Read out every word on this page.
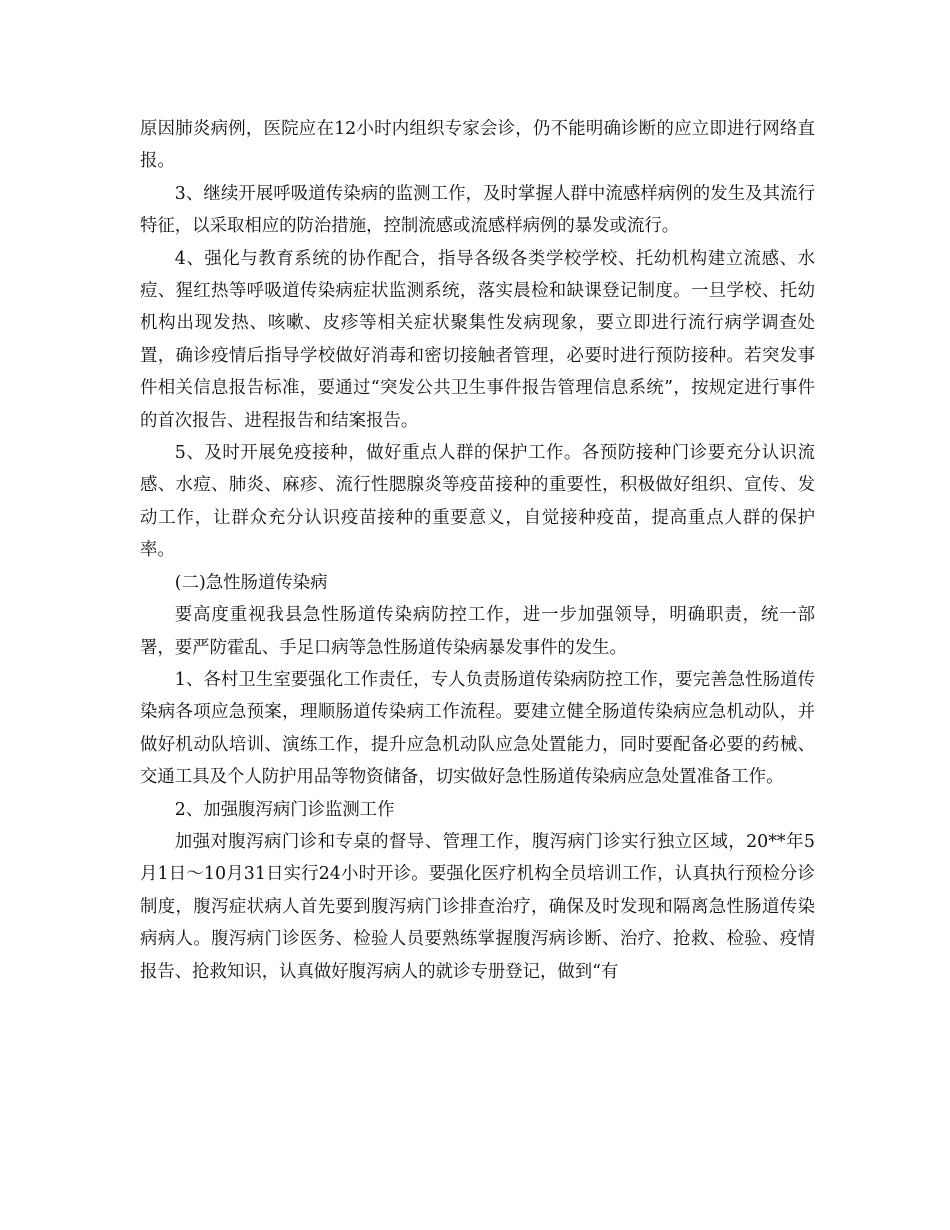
原因肺炎病例，医院应在12小时内组织专家会诊，仍不能明确诊断的应立即进行网络直报。

3、继续开展呼吸道传染病的监测工作，及时掌握人群中流感样病例的发生及其流行特征，以采取相应的防治措施，控制流感或流感样病例的暴发或流行。

4、强化与教育系统的协作配合，指导各级各类学校学校、托幼机构建立流感、水痘、猩红热等呼吸道传染病症状监测系统，落实晨检和缺课登记制度。一旦学校、托幼机构出现发热、咳嗽、皮疹等相关症状聚集性发病现象，要立即进行流行病学调查处置，确诊疫情后指导学校做好消毒和密切接触者管理，必要时进行预防接种。若突发事件相关信息报告标准，要通过“突发公共卫生事件报告管理信息系统”，按规定进行事件的首次报告、进程报告和结案报告。

5、及时开展免疫接种，做好重点人群的保护工作。各预防接种门诊要充分认识流感、水痘、肺炎、麻疹、流行性腮腺炎等疫苗接种的重要性，积极做好组织、宣传、发动工作，让群众充分认识疫苗接种的重要意义，自觉接种疫苗，提高重点人群的保护率。

(二)急性肠道传染病

要高度重视我县急性肠道传染病防控工作，进一步加强领导，明确职责，统一部署，要严防霍乱、手足口病等急性肠道传染病暴发事件的发生。

1、各村卫生室要强化工作责任，专人负责肠道传染病防控工作，要完善急性肠道传染病各项应急预案，理顺肠道传染病工作流程。要建立健全肠道传染病应急机动队，并做好机动队培训、演练工作，提升应急机动队应急处置能力，同时要配备必要的药械、交通工具及个人防护用品等物资储备，切实做好急性肠道传染病应急处置准备工作。

2、加强腹泻病门诊监测工作

加强对腹泻病门诊和专桌的督导、管理工作，腹泻病门诊实行独立区域，20**年5月1日～10月31日实行24小时开诊。要强化医疗机构全员培训工作，认真执行预检分诊制度，腹泻症状病人首先要到腹泻病门诊排查治疗，确保及时发现和隔离急性肠道传染病病人。腹泻病门诊医务、检验人员要熟练掌握腹泻病诊断、治疗、抢救、检验、疫情报告、抢救知识，认真做好腹泻病人的就诊专册登记，做到“有
